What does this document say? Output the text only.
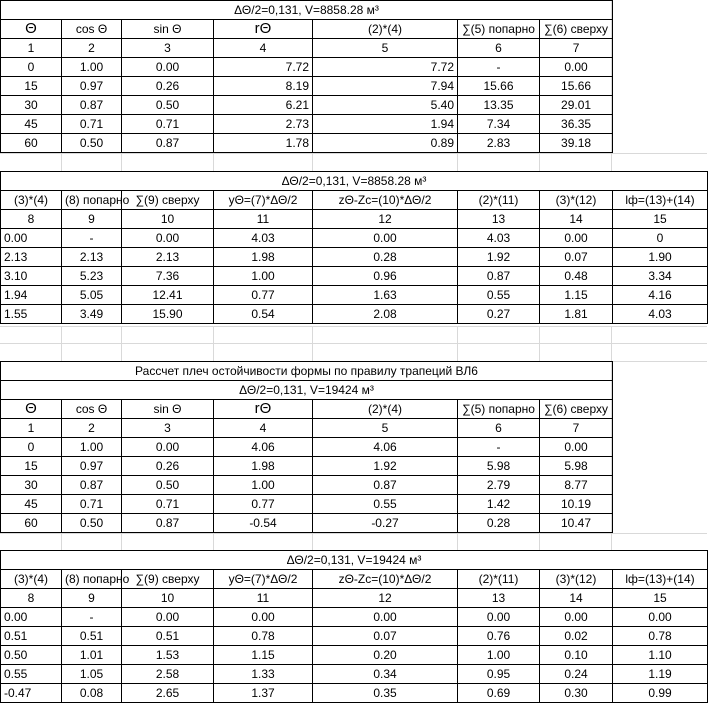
ΔΘ/2=0,131, V=8858.28 м³						
Θ	cos Θ	sin Θ	rΘ	(2)*(4)	∑(5) попарно	∑(6) сверху
1	2	3	4	5	6	7
0	1.00	0.00	7.72	7.72	-	0.00
15	0.97	0.26	8.19	7.94	15.66	15.66
30	0.87	0.50	6.21	5.40	13.35	29.01
45	0.71	0.71	2.73	1.94	7.34	36.35
60	0.50	0.87	1.78	0.89	2.83	39.18
ΔΘ/2=0,131, V=8858.28 м³							
(3)*(4)	(8) попарно	∑(9) сверху	yΘ=(7)*ΔΘ/2	zΘ-Zc=(10)*ΔΘ/2	(2)*(11)	(3)*(12)	lф=(13)+(14)
8	9	10	11	12	13	14	15
0.00	-	0.00	4.03	0.00	4.03	0.00	0
2.13	2.13	2.13	1.98	0.28	1.92	0.07	1.90
3.10	5.23	7.36	1.00	0.96	0.87	0.48	3.34
1.94	5.05	12.41	0.77	1.63	0.55	1.15	4.16
1.55	3.49	15.90	0.54	2.08	0.27	1.81	4.03
Рассчет плеч остойчивости формы по правилу трапеций ВЛ6						
ΔΘ/2=0,131, V=19424 м³						
Θ	cos Θ	sin Θ	rΘ	(2)*(4)	∑(5) попарно	∑(6) сверху
1	2	3	4	5	6	7
0	1.00	0.00	4.06	4.06	-	0.00
15	0.97	0.26	1.98	1.92	5.98	5.98
30	0.87	0.50	1.00	0.87	2.79	8.77
45	0.71	0.71	0.77	0.55	1.42	10.19
60	0.50	0.87	-0.54	-0.27	0.28	10.47
ΔΘ/2=0,131, V=19424 м³							
(3)*(4)	(8) попарно	∑(9) сверху	yΘ=(7)*ΔΘ/2	zΘ-Zc=(10)*ΔΘ/2	(2)*(11)	(3)*(12)	lф=(13)+(14)
8	9	10	11	12	13	14	15
0.00	-	0.00	0.00	0.00	0.00	0.00	0.00
0.51	0.51	0.51	0.78	0.07	0.76	0.02	0.78
0.50	1.01	1.53	1.15	0.20	1.00	0.10	1.10
0.55	1.05	2.58	1.33	0.34	0.95	0.24	1.19
-0.47	0.08	2.65	1.37	0.35	0.69	0.30	0.99
